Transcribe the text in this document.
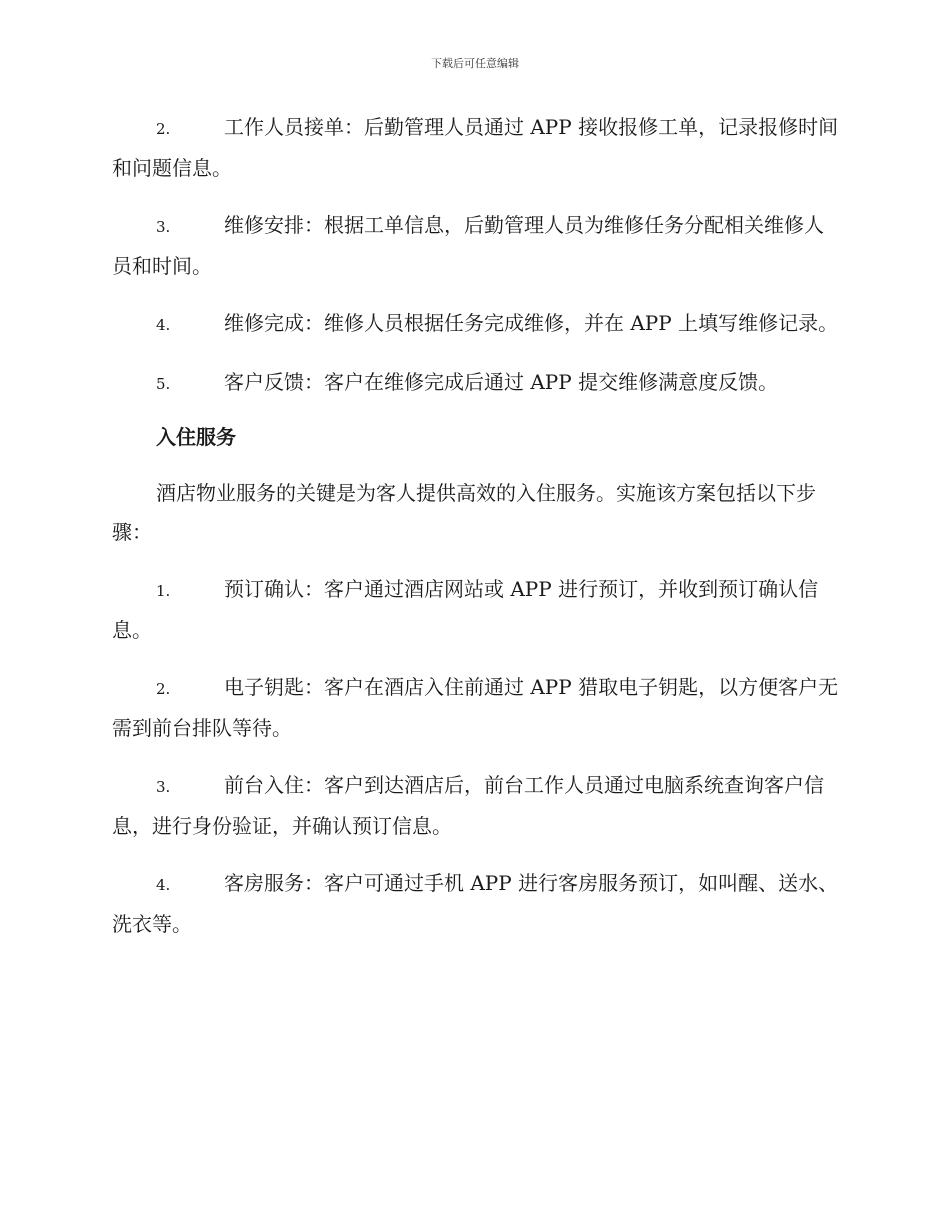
下载后可任意编辑

2.	工作人员接单：后勤管理人员通过 APP 接收报修工单，记录报修时间和问题信息。

3.	维修安排：根据工单信息，后勤管理人员为维修任务分配相关维修人员和时间。

4.	维修完成：维修人员根据任务完成维修，并在 APP 上填写维修记录。

5.	客户反馈：客户在维修完成后通过 APP 提交维修满意度反馈。

入住服务

酒店物业服务的关键是为客人提供高效的入住服务。实施该方案包括以下步骤：

1.	预订确认：客户通过酒店网站或 APP 进行预订，并收到预订确认信息。

2.	电子钥匙：客户在酒店入住前通过 APP 猎取电子钥匙，以方便客户无需到前台排队等待。

3.	前台入住：客户到达酒店后，前台工作人员通过电脑系统查询客户信息，进行身份验证，并确认预订信息。

4.	客房服务：客户可通过手机 APP 进行客房服务预订，如叫醒、送水、洗衣等。
